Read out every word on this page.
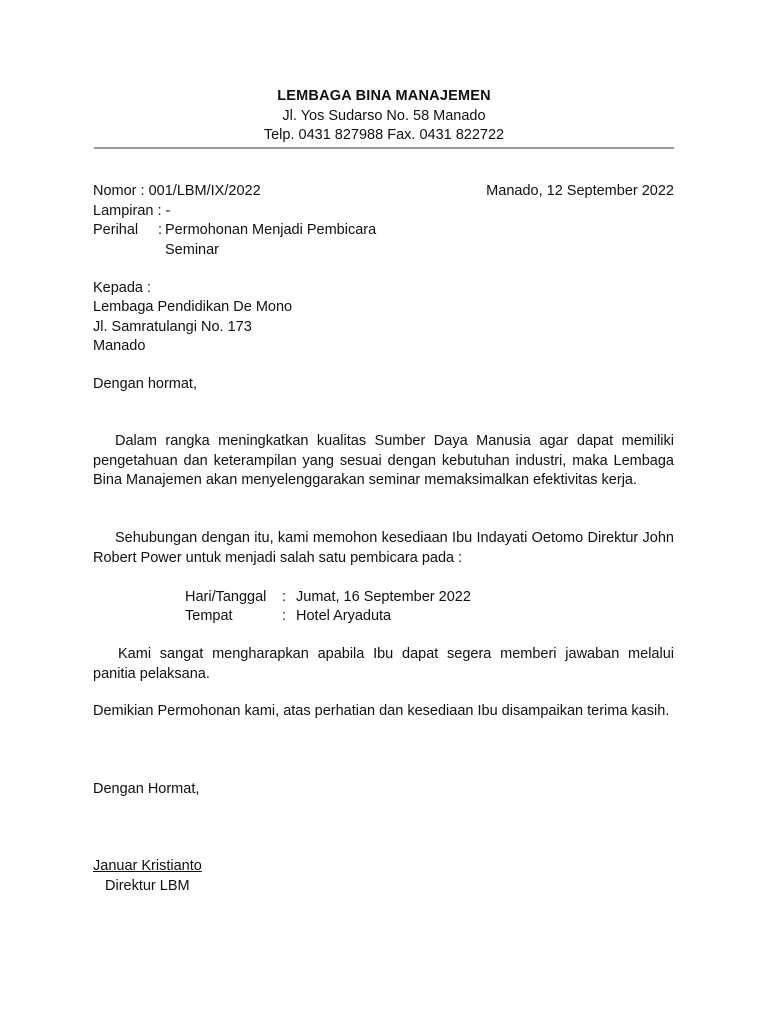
LEMBAGA BINA MANAJEMEN
Jl. Yos Sudarso No. 58 Manado
Telp. 0431 827988 Fax. 0431 822722
Nomor : 001/LBM/IX/2022	Manado, 12 September 2022
Lampiran : -
Perihal : Permohonan Menjadi Pembicara
Seminar
Kepada :
Lembaga Pendidikan De Mono
Jl. Samratulangi No. 173
Manado
Dengan hormat,
Dalam rangka meningkatkan kualitas Sumber Daya Manusia agar dapat memiliki pengetahuan dan keterampilan yang sesuai dengan kebutuhan industri, maka Lembaga Bina Manajemen akan menyelenggarakan seminar memaksimalkan efektivitas kerja.
Sehubungan dengan itu, kami memohon kesediaan Ibu Indayati Oetomo Direktur John Robert Power untuk menjadi salah satu pembicara pada :
Hari/Tanggal : Jumat, 16 September 2022
Tempat	: Hotel Aryaduta
Kami sangat mengharapkan apabila Ibu dapat segera memberi jawaban melalui panitia pelaksana.
Demikian Permohonan kami, atas perhatian dan kesediaan Ibu disampaikan terima kasih.
Dengan Hormat,
Januar Kristianto
Direktur LBM
